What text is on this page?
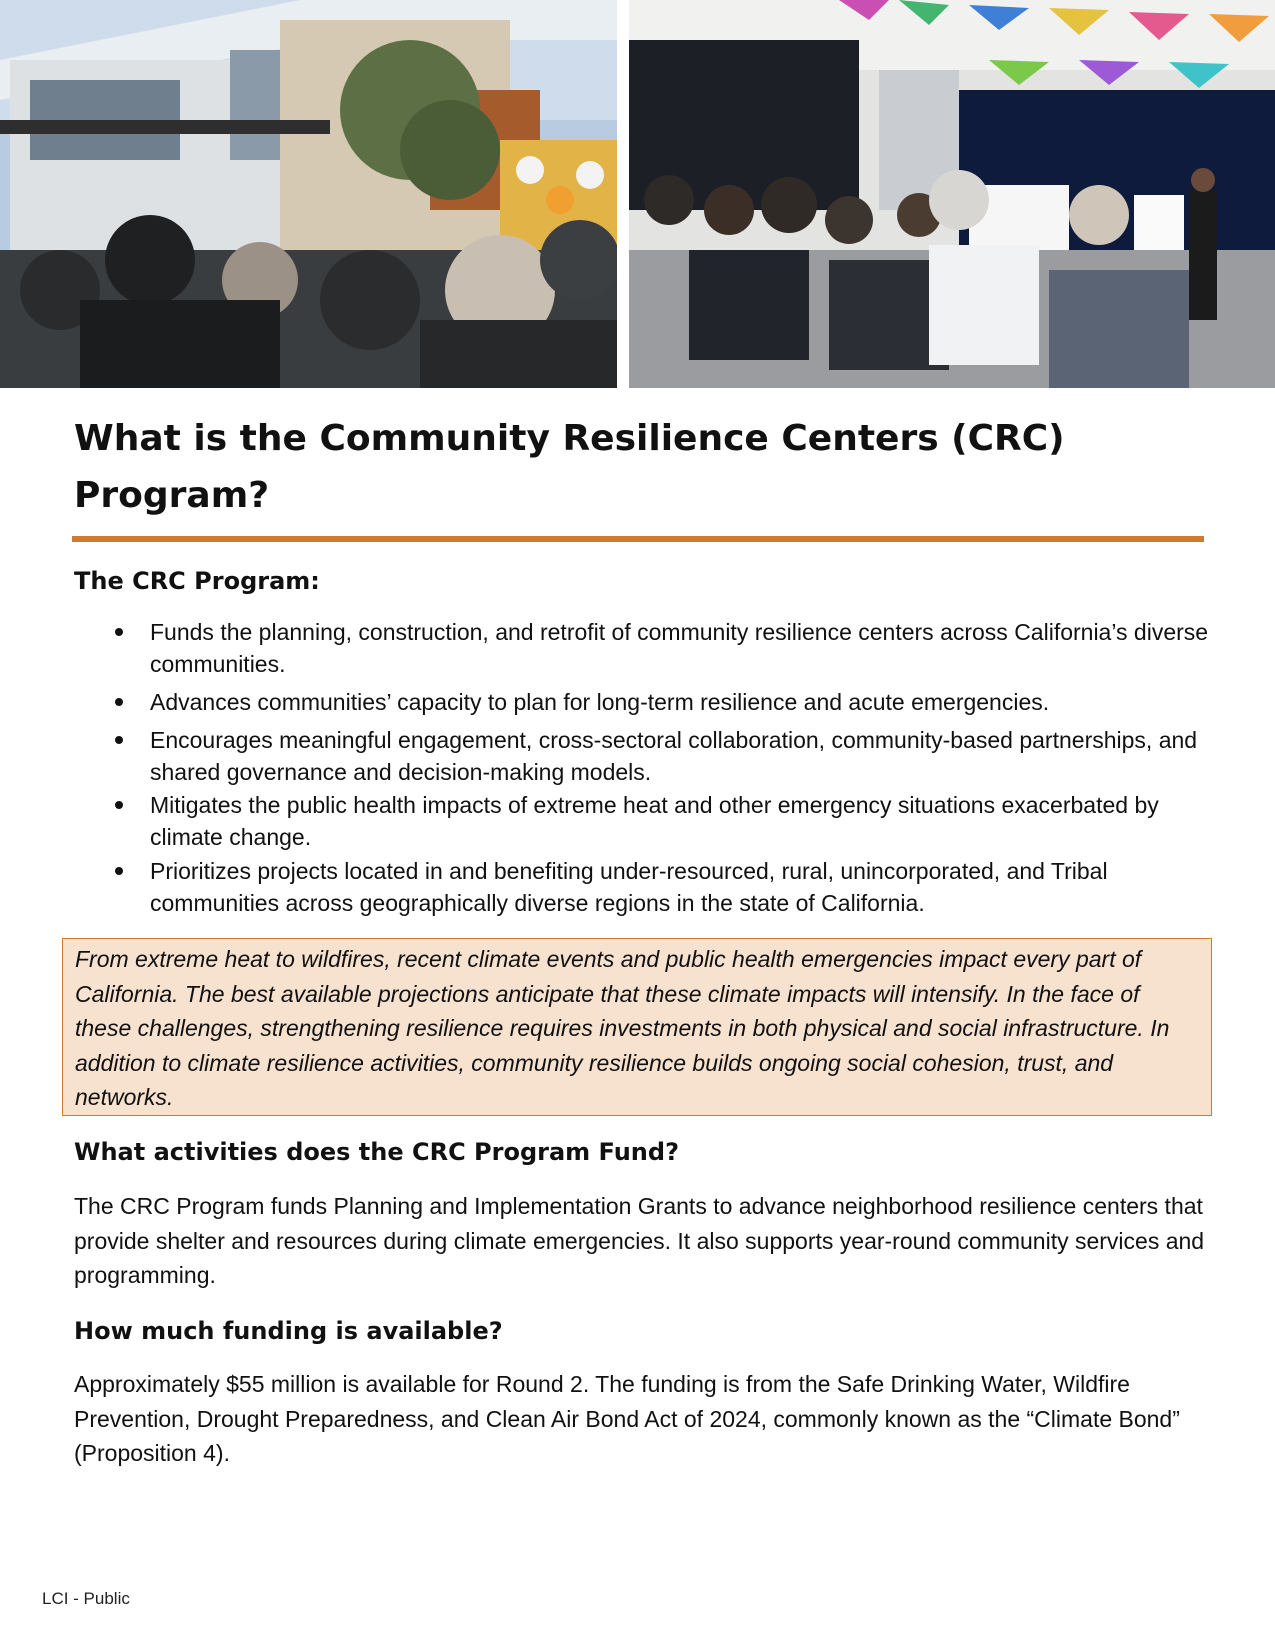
What is the Community Resilience Centers (CRC) Program?
The CRC Program:
Funds the planning, construction, and retrofit of community resilience centers across California’s diverse communities.
Advances communities’ capacity to plan for long-term resilience and acute emergencies.
Encourages meaningful engagement, cross-sectoral collaboration, community-based partnerships, and shared governance and decision-making models.
Mitigates the public health impacts of extreme heat and other emergency situations exacerbated by climate change.
Prioritizes projects located in and benefiting under-resourced, rural, unincorporated, and Tribal communities across geographically diverse regions in the state of California.
From extreme heat to wildfires, recent climate events and public health emergencies impact every part of California. The best available projections anticipate that these climate impacts will intensify. In the face of these challenges, strengthening resilience requires investments in both physical and social infrastructure. In addition to climate resilience activities, community resilience builds ongoing social cohesion, trust, and networks.
What activities does the CRC Program Fund?

The CRC Program funds Planning and Implementation Grants to advance neighborhood resilience centers that provide shelter and resources during climate emergencies. It also supports year-round community services and programming.

How much funding is available?

Approximately $55 million is available for Round 2. The funding is from the Safe Drinking Water, Wildfire Prevention, Drought Preparedness, and Clean Air Bond Act of 2024, commonly known as the “Climate Bond” (Proposition 4).

LCI - Public
